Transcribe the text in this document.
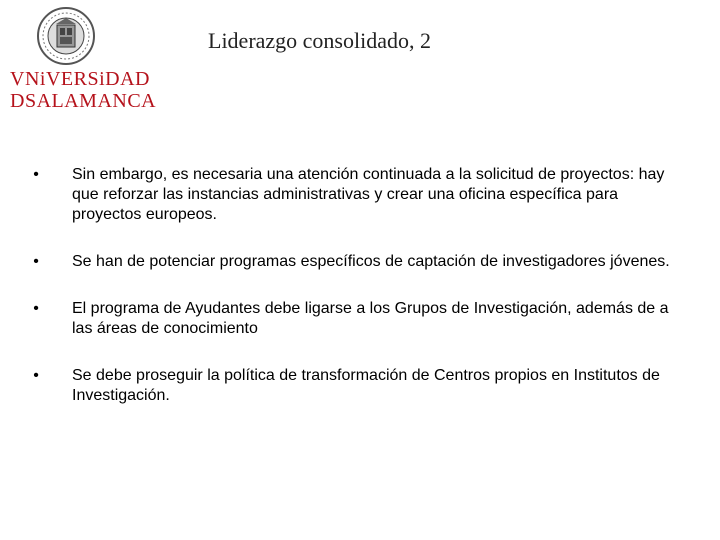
VNiVERSiDAD
DSALAMANCA
Liderazgo consolidado, 2
• Sin embargo, es necesaria una atención continuada a la solicitud de proyectos: hay que reforzar las instancias administrativas y crear una oficina específica para proyectos europeos.
• Se han de potenciar programas específicos de captación de investigadores jóvenes.
• El programa de Ayudantes debe ligarse a los Grupos de Investigación, además de a las áreas de conocimiento
• Se debe proseguir la política de transformación de Centros propios en Institutos de Investigación.
